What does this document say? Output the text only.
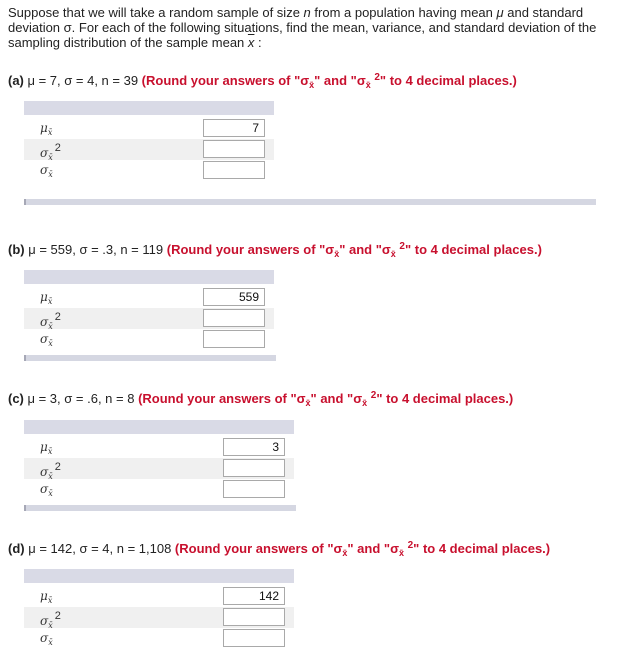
Suppose that we will take a random sample of size n from a population having mean μ and standard deviation σ. For each of the following situations, find the mean, variance, and standard deviation of the sampling distribution of the sample mean $\overline{x}$ :
(a) μ = 7, σ = 4, n = 39 (Round your answers of "$\sigma_{x̄}$" and "$\sigma_{x̄}$ $^2$" to 4 decimal places.)
$\mu_{x̄}$
7
$\sigma_{x̄}2$
$\sigma_{x̄}$
(b) μ = 559, σ = .3, n = 119 (Round your answers of "$\sigma_{x̄}$" and "$\sigma_{x̄}$ $^2$" to 4 decimal places.)
$\mu_{x̄}$
559
$\sigma_{x̄}2$
$\sigma_{x̄}$
(c) μ = 3, σ = .6, n = 8 (Round your answers of "$\sigma_{x̄}$" and "$\sigma_{x̄}$ $^2$" to 4 decimal places.)
$\mu_{x̄}$
3
$\sigma_{x̄}2$
$\sigma_{x̄}$
(d) μ = 142, σ = 4, n = 1,108 (Round your answers of "$\sigma_{x̄}$" and "$\sigma_{x̄}$ $^2$" to 4 decimal places.)
$\mu_{x̄}$
142
$\sigma_{x̄}2$
$\sigma_{x̄}$
